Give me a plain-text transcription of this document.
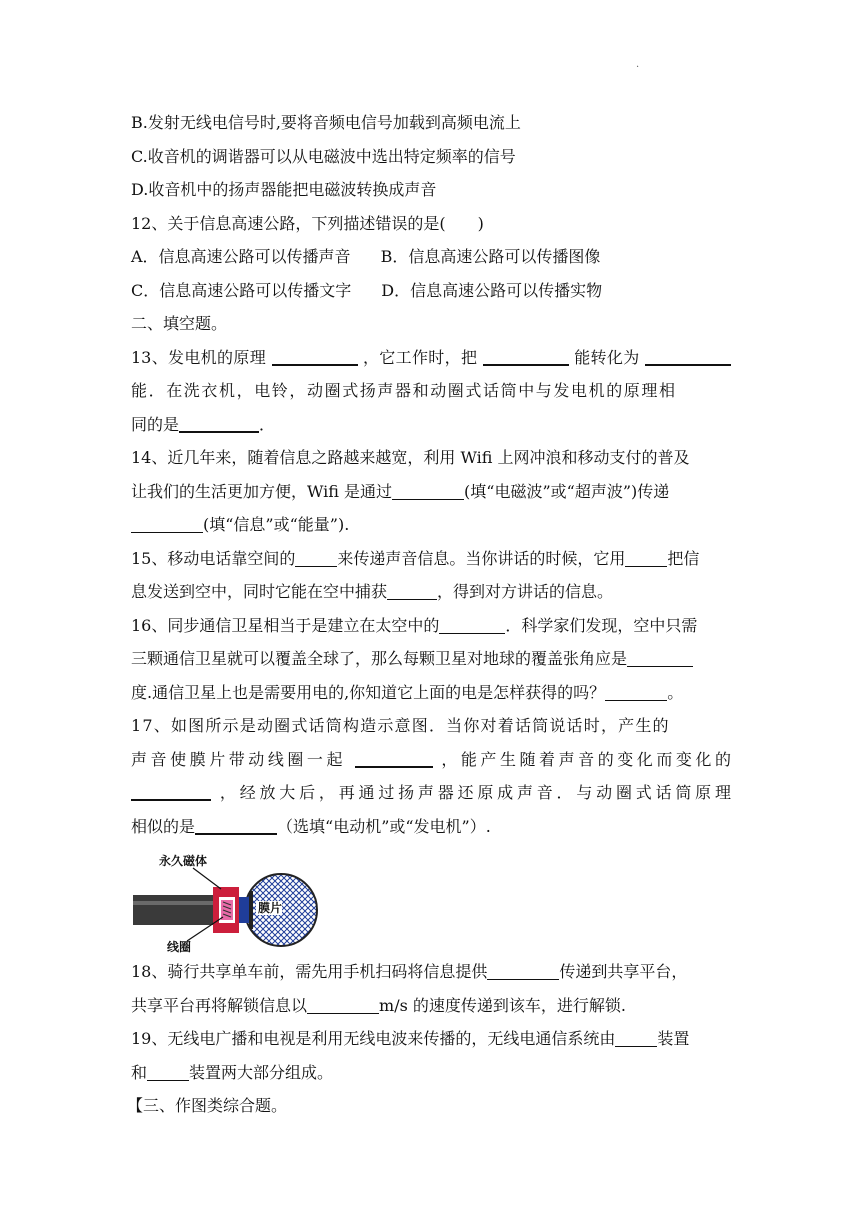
·
B.发射无线电信号时,要将音频电信号加载到高频电流上
C.收音机的调谐器可以从电磁波中选出特定频率的信号
D.收音机中的扬声器能把电磁波转换成声音
12、关于信息高速公路，下列描述错误的是(　　)
A．信息高速公路可以传播声音 B．信息高速公路可以传播图像
C．信息高速公路可以传播文字 D．信息高速公路可以传播实物
二、填空题。
13、发电机的原理	，它工作时，把	能转化为
能．在洗衣机，电铃，动圈式扬声器和动圈式话筒中与发电机的原理相
同的是	．
14、近几年来，随着信息之路越来越宽，利用 Wifi 上网冲浪和移动支付的普及
让我们的生活更加方便，Wifi 是通过	(填“电磁波”或“超声波”)传递
(填“信息”或“能量”).
15、移动电话靠空间的	来传递声音信息。当你讲话的时候，它用	把信
息发送到空中，同时它能在空中捕获	，得到对方讲话的信息。
16、同步通信卫星相当于是建立在太空中的	．科学家们发现，空中只需
三颗通信卫星就可以覆盖全球了，那么每颗卫星对地球的覆盖张角应是
度.通信卫星上也是需要用电的,你知道它上面的电是怎样获得的吗？	。
17、如图所示是动圈式话筒构造示意图．当你对着话筒说话时，产生的
声音使膜片带动线圈一起	，能产生随着声音的变化而变化的
，经放大后，再通过扬声器还原成声音．与动圈式话筒原理
相似的是	（选填“电动机”或“发电机”）.
膜片
永久磁体
线圈
18、骑行共享单车前，需先用手机扫码将信息提供	传递到共享平台，
共享平台再将解锁信息以	m/s 的速度传递到该车，进行解锁.
19、无线电广播和电视是利用无线电波来传播的，无线电通信系统由	装置
和	装置两大部分组成。
【三、作图类综合题。
